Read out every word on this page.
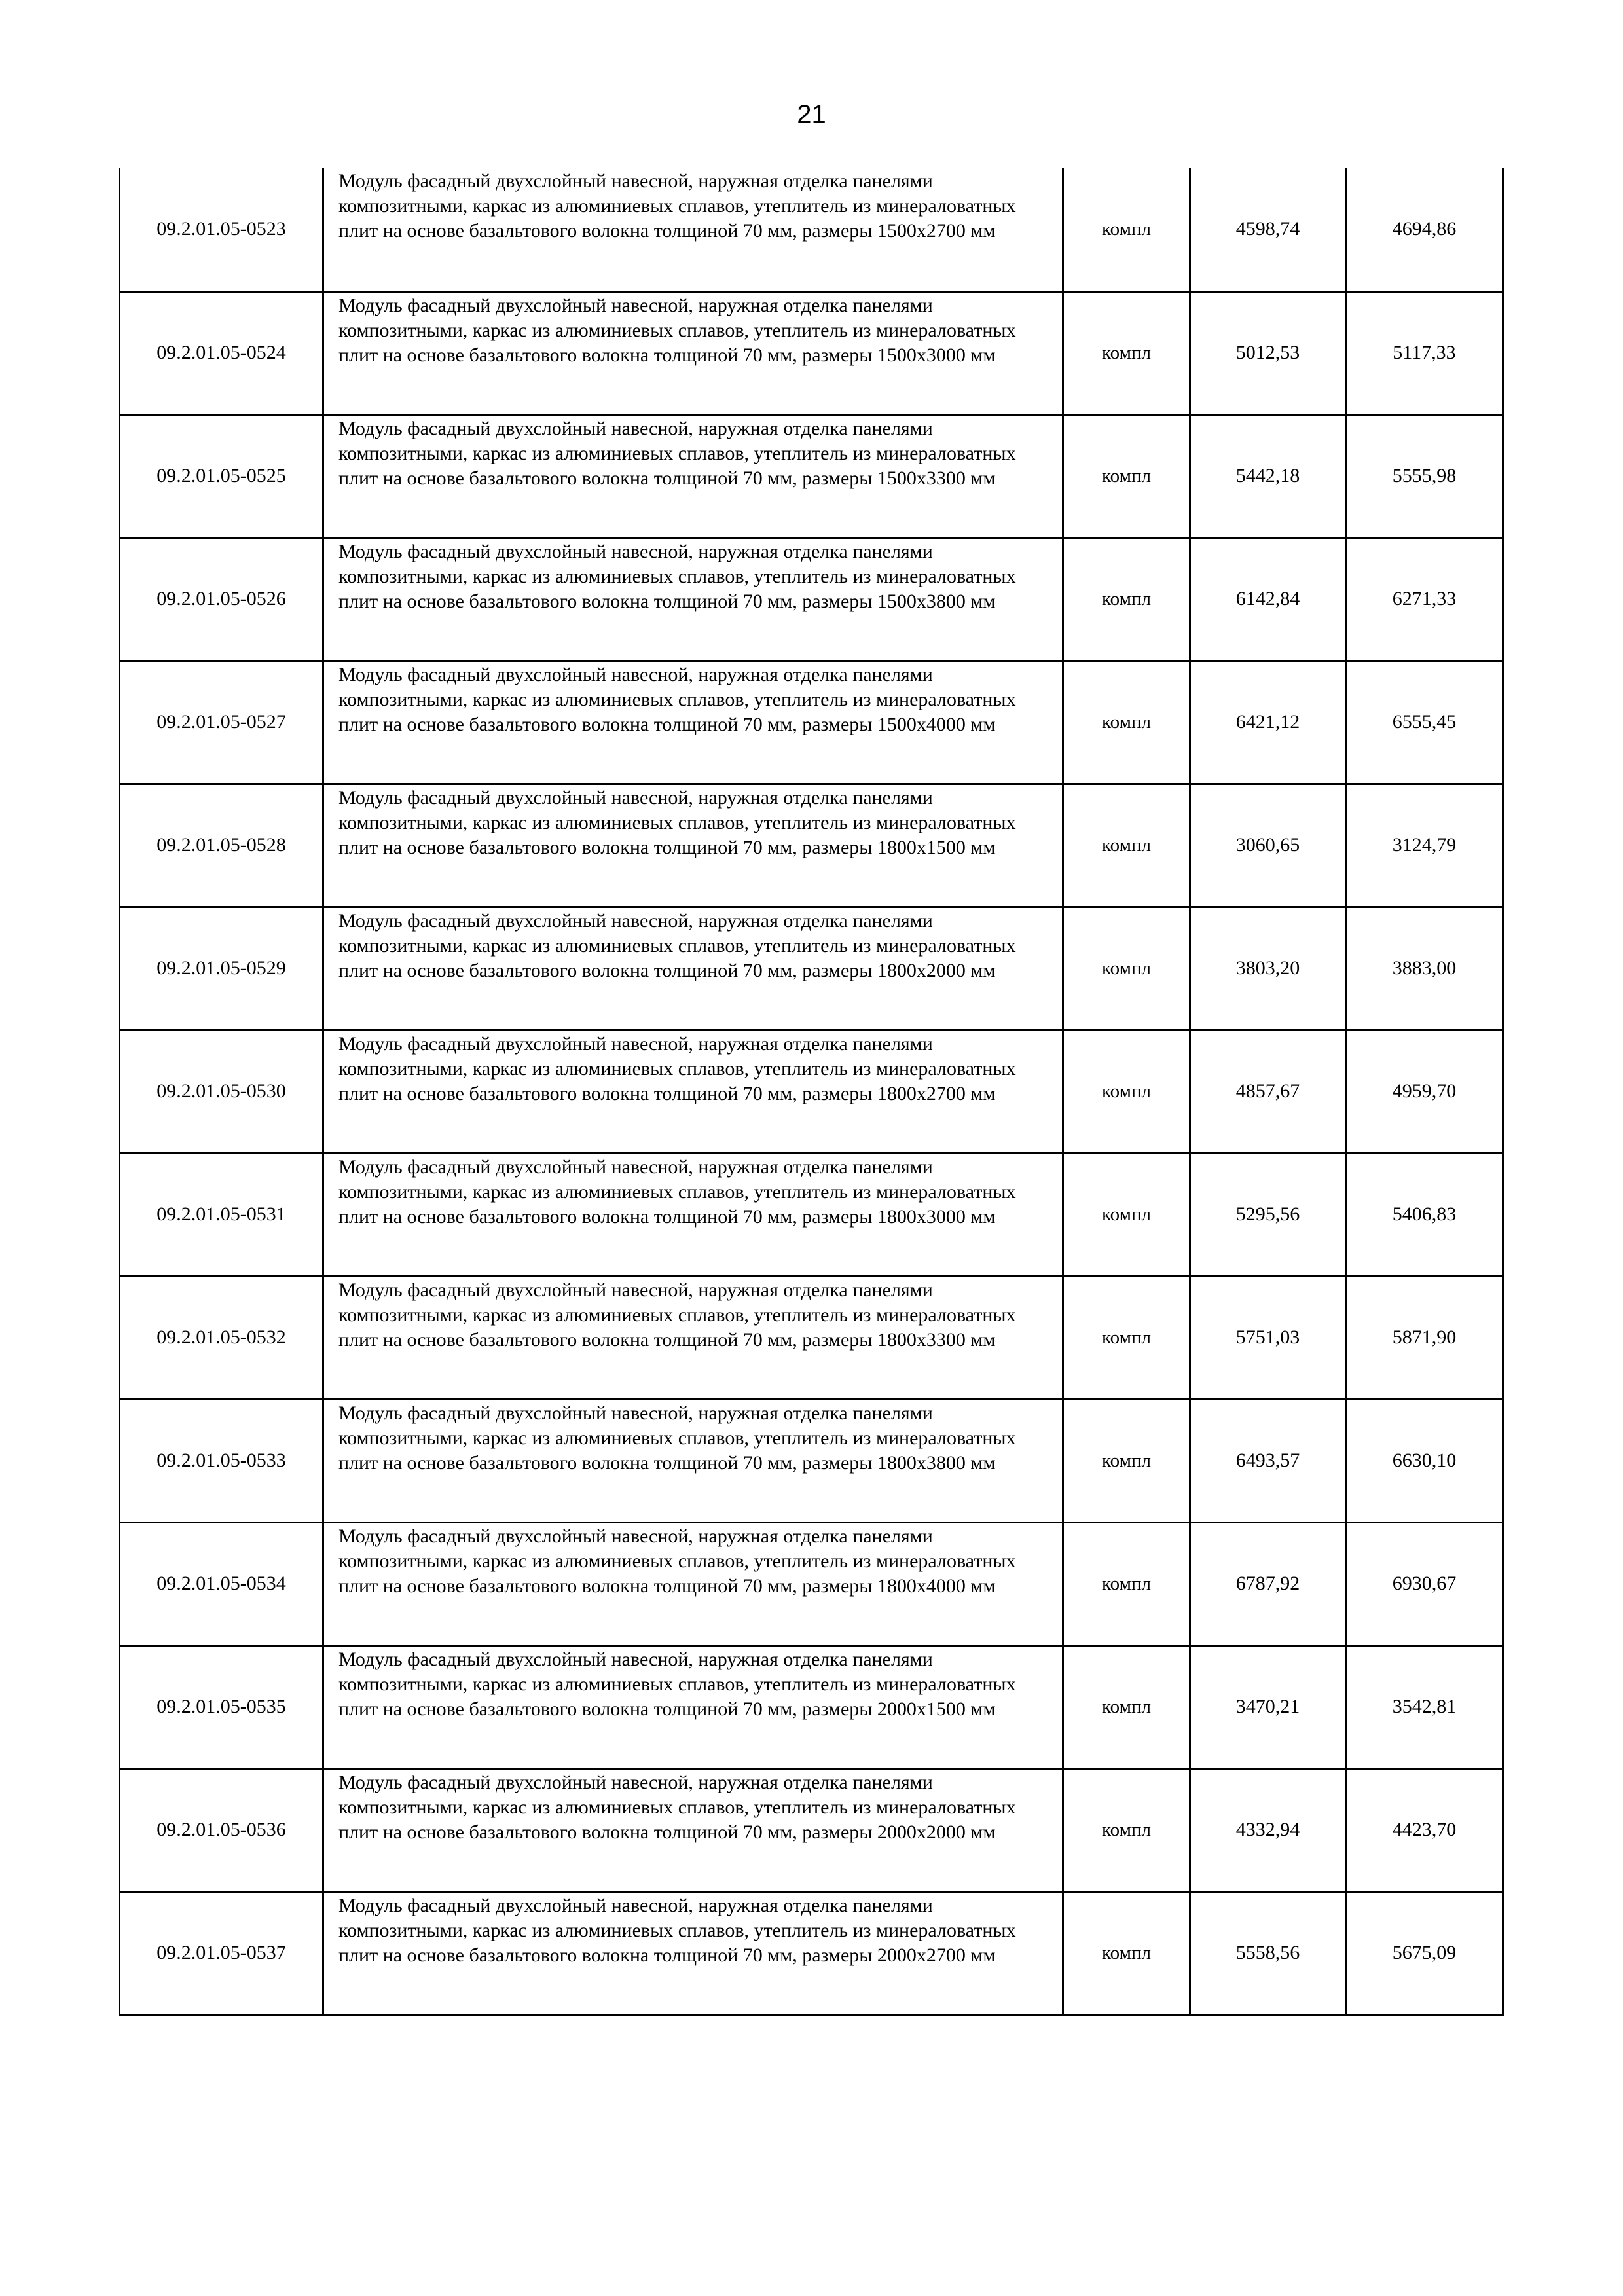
21
09.2.01.05-0523	Модуль фасадный двухслойный навесной, наружная отделка панелями композитными, каркас из алюминиевых сплавов, утеплитель из минераловатных плит на основе базальтового волокна толщиной 70 мм, размеры 1500х2700 мм	компл	4598,74	4694,86
09.2.01.05-0524	Модуль фасадный двухслойный навесной, наружная отделка панелями композитными, каркас из алюминиевых сплавов, утеплитель из минераловатных плит на основе базальтового волокна толщиной 70 мм, размеры 1500х3000 мм	компл	5012,53	5117,33
09.2.01.05-0525	Модуль фасадный двухслойный навесной, наружная отделка панелями композитными, каркас из алюминиевых сплавов, утеплитель из минераловатных плит на основе базальтового волокна толщиной 70 мм, размеры 1500х3300 мм	компл	5442,18	5555,98
09.2.01.05-0526	Модуль фасадный двухслойный навесной, наружная отделка панелями композитными, каркас из алюминиевых сплавов, утеплитель из минераловатных плит на основе базальтового волокна толщиной 70 мм, размеры 1500х3800 мм	компл	6142,84	6271,33
09.2.01.05-0527	Модуль фасадный двухслойный навесной, наружная отделка панелями композитными, каркас из алюминиевых сплавов, утеплитель из минераловатных плит на основе базальтового волокна толщиной 70 мм, размеры 1500х4000 мм	компл	6421,12	6555,45
09.2.01.05-0528	Модуль фасадный двухслойный навесной, наружная отделка панелями композитными, каркас из алюминиевых сплавов, утеплитель из минераловатных плит на основе базальтового волокна толщиной 70 мм, размеры 1800х1500 мм	компл	3060,65	3124,79
09.2.01.05-0529	Модуль фасадный двухслойный навесной, наружная отделка панелями композитными, каркас из алюминиевых сплавов, утеплитель из минераловатных плит на основе базальтового волокна толщиной 70 мм, размеры 1800х2000 мм	компл	3803,20	3883,00
09.2.01.05-0530	Модуль фасадный двухслойный навесной, наружная отделка панелями композитными, каркас из алюминиевых сплавов, утеплитель из минераловатных плит на основе базальтового волокна толщиной 70 мм, размеры 1800х2700 мм	компл	4857,67	4959,70
09.2.01.05-0531	Модуль фасадный двухслойный навесной, наружная отделка панелями композитными, каркас из алюминиевых сплавов, утеплитель из минераловатных плит на основе базальтового волокна толщиной 70 мм, размеры 1800х3000 мм	компл	5295,56	5406,83
09.2.01.05-0532	Модуль фасадный двухслойный навесной, наружная отделка панелями композитными, каркас из алюминиевых сплавов, утеплитель из минераловатных плит на основе базальтового волокна толщиной 70 мм, размеры 1800х3300 мм	компл	5751,03	5871,90
09.2.01.05-0533	Модуль фасадный двухслойный навесной, наружная отделка панелями композитными, каркас из алюминиевых сплавов, утеплитель из минераловатных плит на основе базальтового волокна толщиной 70 мм, размеры 1800х3800 мм	компл	6493,57	6630,10
09.2.01.05-0534	Модуль фасадный двухслойный навесной, наружная отделка панелями композитными, каркас из алюминиевых сплавов, утеплитель из минераловатных плит на основе базальтового волокна толщиной 70 мм, размеры 1800х4000 мм	компл	6787,92	6930,67
09.2.01.05-0535	Модуль фасадный двухслойный навесной, наружная отделка панелями композитными, каркас из алюминиевых сплавов, утеплитель из минераловатных плит на основе базальтового волокна толщиной 70 мм, размеры 2000х1500 мм	компл	3470,21	3542,81
09.2.01.05-0536	Модуль фасадный двухслойный навесной, наружная отделка панелями композитными, каркас из алюминиевых сплавов, утеплитель из минераловатных плит на основе базальтового волокна толщиной 70 мм, размеры 2000х2000 мм	компл	4332,94	4423,70
09.2.01.05-0537	Модуль фасадный двухслойный навесной, наружная отделка панелями композитными, каркас из алюминиевых сплавов, утеплитель из минераловатных плит на основе базальтового волокна толщиной 70 мм, размеры 2000х2700 мм	компл	5558,56	5675,09
